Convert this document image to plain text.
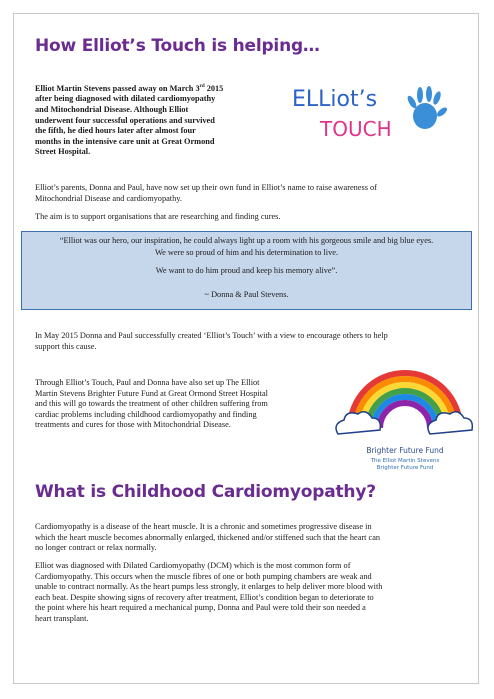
How Elliot’s Touch is helping…
Elliot Martin Stevens passed away on March 3rd 2015
after being diagnosed with dilated cardiomyopathy
and Mitochondrial Disease. Although Elliot
underwent four successful operations and survived
the fifth, he died hours later after almost four
months in the intensive care unit at Great Ormond
Street Hospital.
ELLiot’s
TOUCH
Elliot’s parents, Donna and Paul, have now set up their own fund in Elliot’s name to raise awareness of
Mitochondrial Disease and cardiomyopathy.
The aim is to support organisations that are researching and finding cures.
“Elliot was our hero, our inspiration, he could always light up a room with his gorgeous smile and big blue eyes.
We were so proud of him and his determination to live.
We want to do him proud and keep his memory alive”.
~ Donna & Paul Stevens.
In May 2015 Donna and Paul successfully created ‘Elliot’s Touch’ with a view to encourage others to help
support this cause.
Through Elliot’s Touch, Paul and Donna have also set up The Elliot
Martin Stevens Brighter Future Fund at Great Ormond Street Hospital
and this will go towards the treatment of other children suffering from
cardiac problems including childhood cardiomyopathy and finding
treatments and cures for those with Mitochondrial Disease.
Brighter Future Fund
The Elliot Martin Stevens
Brighter Future Fund
What is Childhood Cardiomyopathy?
Cardiomyopathy is a disease of the heart muscle. It is a chronic and sometimes progressive disease in
which the heart muscle becomes abnormally enlarged, thickened and/or stiffened such that the heart can
no longer contract or relax normally.
Elliot was diagnosed with Dilated Cardiomyopathy (DCM) which is the most common form of
Cardiomyopathy. This occurs when the muscle fibres of one or both pumping chambers are weak and
unable to contract normally. As the heart pumps less strongly, it enlarges to help deliver more blood with
each beat. Despite showing signs of recovery after treatment, Elliot’s condition began to deteriorate to
the point where his heart required a mechanical pump, Donna and Paul were told their son needed a
heart transplant.
